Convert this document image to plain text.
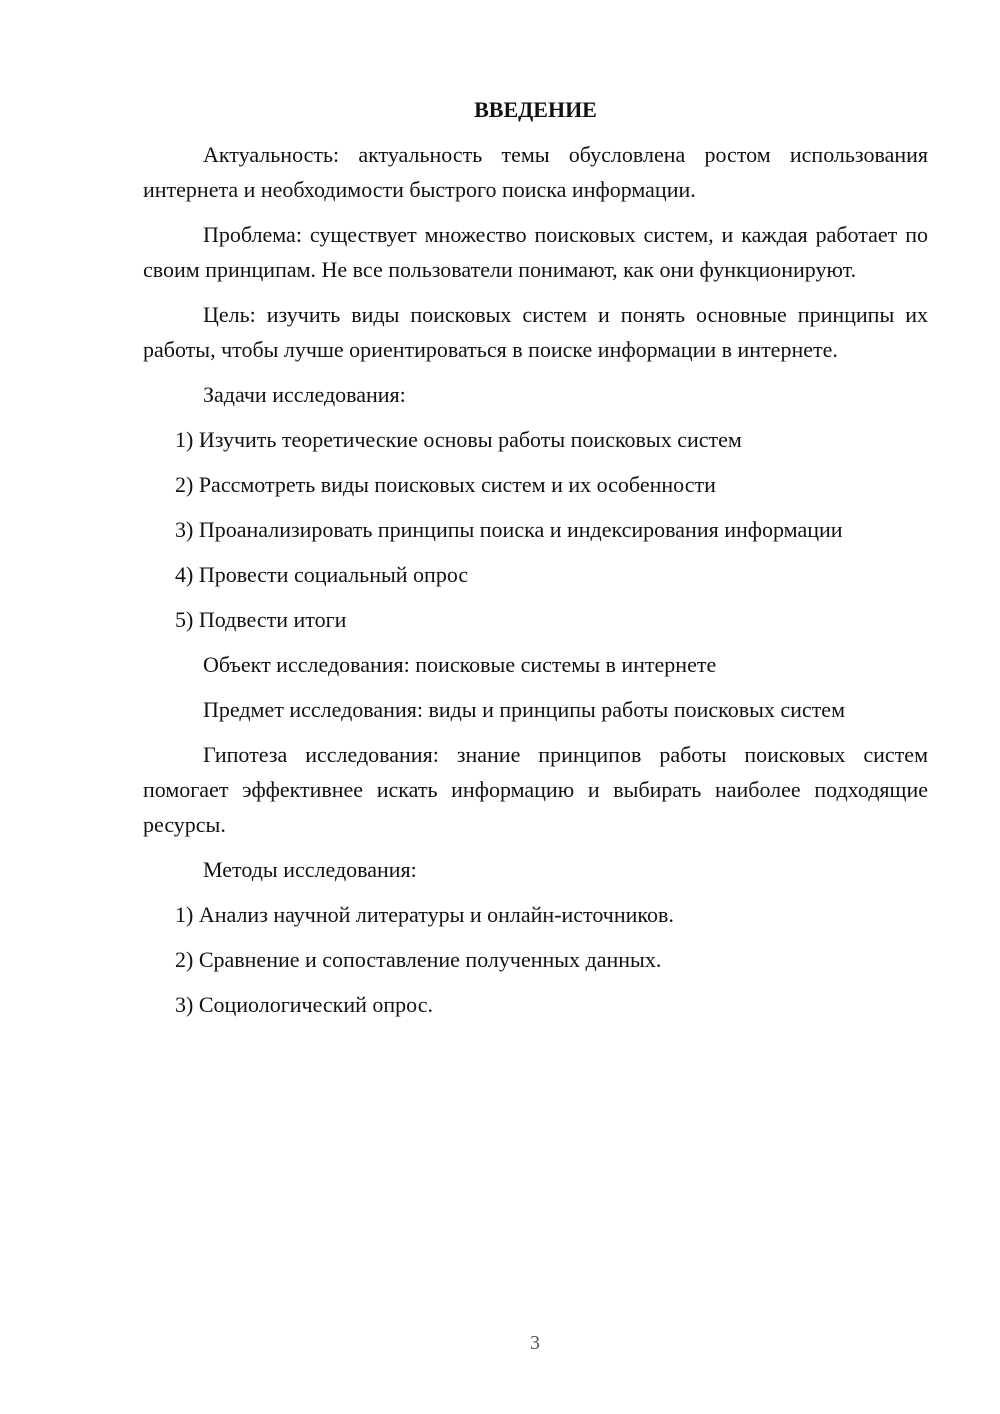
ВВЕДЕНИЕ
Актуальность: актуальность темы обусловлена ростом использования интернета и необходимости быстрого поиска информации.
Проблема: существует множество поисковых систем, и каждая работает по своим принципам. Не все пользователи понимают, как они функционируют.
Цель: изучить виды поисковых систем и понять основные принципы их работы, чтобы лучше ориентироваться в поиске информации в интернете.
Задачи исследования:
1) Изучить теоретические основы работы поисковых систем
2) Рассмотреть виды поисковых систем и их особенности
3) Проанализировать принципы поиска и индексирования информации
4) Провести социальный опрос
5) Подвести итоги
Объект исследования: поисковые системы в интернете
Предмет исследования: виды и принципы работы поисковых систем
Гипотеза исследования: знание принципов работы поисковых систем помогает эффективнее искать информацию и выбирать наиболее подходящие ресурсы.
Методы исследования:
1) Анализ научной литературы и онлайн-источников.
2) Сравнение и сопоставление полученных данных.
3) Социологический опрос.
3
